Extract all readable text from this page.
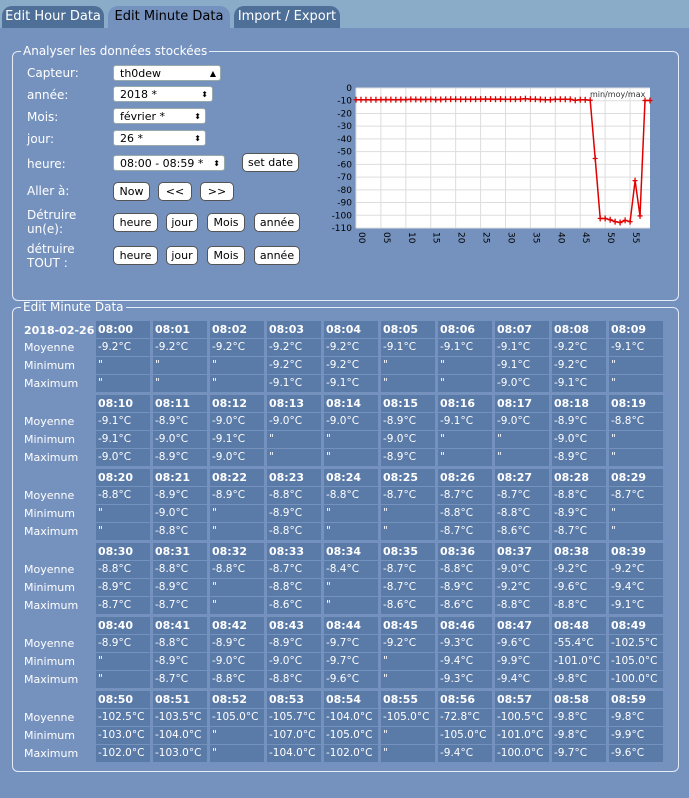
Edit Hour Data	Edit Minute Data	Import / Export
Analyser les données stockées
Capteur:	th0dew	▲

année:	2018 *	⬍
Mois:	février *	⬍
jour:	26 *	⬍
heure:	08:00 - 08:59 * ⬍	set date
Aller à:	Now	<<	>>
Détruire
un(e):	heure	jour	Mois	année
détruire
TOUT :
heure	jour	Mois	année
0
-10
-20
-30
-40
-50
-60
-70
-80
-90
-100
-110
00 05 10 15 20 25 30 35 40 45 50 55
min/moy/max
Edit Minute Data
2018-02-26 08:00	08:01	08:02	08:03	08:04	08:05	08:06	08:07	08:08	08:09
Moyenne -9.2°C	-9.2°C	-9.2°C	-9.2°C	-9.2°C	-9.1°C	-9.1°C	-9.1°C	-9.2°C	-9.1°C
Minimum "	"	"	-9.2°C	-9.2°C	"	"	-9.1°C	-9.2°C	"
Maximum "	"	"	-9.1°C	-9.1°C	"	"	-9.0°C	-9.1°C	"
08:10	08:11	08:12	08:13	08:14	08:15	08:16	08:17	08:18	08:19
Moyenne -9.1°C	-8.9°C	-9.0°C	-9.0°C	-9.0°C	-8.9°C	-9.1°C	-9.0°C	-8.9°C	-8.8°C
Minimum -9.1°C	-9.0°C	-9.1°C	"	"	-9.0°C	"	"	-9.0°C	"
Maximum -9.0°C	-8.9°C	-9.0°C	"	"	-8.9°C	"	"	-8.9°C	"
08:20	08:21	08:22	08:23	08:24	08:25	08:26	08:27	08:28	08:29
Moyenne -8.8°C	-8.9°C	-8.9°C	-8.8°C	-8.8°C	-8.7°C	-8.7°C	-8.7°C	-8.8°C	-8.7°C
Minimum "	-9.0°C	"	-8.9°C	"	"	-8.8°C	-8.8°C	-8.9°C	"
Maximum "	-8.8°C	"	-8.8°C	"	"	-8.7°C	-8.6°C	-8.7°C	"
08:30	08:31	08:32	08:33	08:34	08:35	08:36	08:37	08:38	08:39
Moyenne -8.8°C	-8.8°C	-8.8°C	-8.7°C	-8.4°C	-8.7°C	-8.8°C	-9.0°C	-9.2°C	-9.2°C
Minimum -8.9°C	-8.9°C	"	-8.8°C	"	-8.7°C	-8.9°C	-9.2°C	-9.6°C	-9.4°C
Maximum -8.7°C	-8.7°C	"	-8.6°C	"	-8.6°C	-8.6°C	-8.8°C	-8.8°C	-9.1°C
08:40	08:41	08:42	08:43	08:44	08:45	08:46	08:47	08:48	08:49
Moyenne -8.9°C	-8.8°C	-8.9°C	-8.9°C	-9.7°C	-9.2°C	-9.3°C	-9.6°C	-55.4°C	-102.5°C
Minimum "	-8.9°C	-9.0°C	-9.0°C	-9.7°C	"	-9.4°C	-9.9°C	-101.0°C	-105.0°C
Maximum "	-8.7°C	-8.8°C	-8.8°C	-9.6°C	"	-9.3°C	-9.4°C	-9.8°C	-100.0°C
08:50	08:51	08:52	08:53	08:54	08:55	08:56	08:57	08:58	08:59
Moyenne -102.5°C	-103.5°C	-105.0°C	-105.7°C	-104.0°C	-105.0°C	-72.8°C	-100.5°C	-9.8°C	-9.8°C
Minimum -103.0°C	-104.0°C	"	-107.0°C	-105.0°C	"	-105.0°C	-101.0°C	-9.8°C	-9.9°C
Maximum -102.0°C	-103.0°C	"	-104.0°C	-102.0°C	"	-9.4°C	-100.0°C	-9.7°C	-9.6°C
